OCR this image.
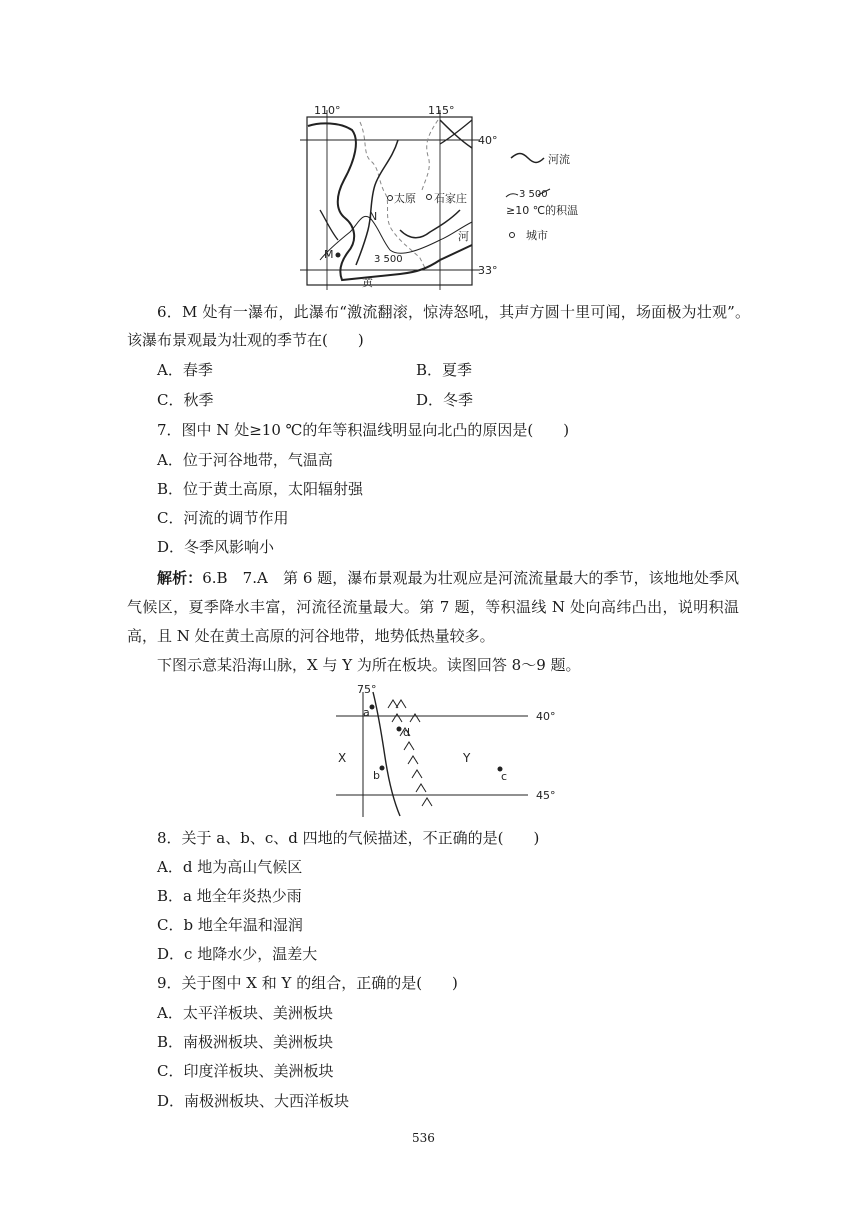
110°	115°
40°
33°
太原 石家庄
N
M	3 500
黄
河
河流
3 500
≥10 ℃的积温
城市
6．M 处有一瀑布，此瀑布“激流翻滚，惊涛怒吼，其声方圆十里可闻，场面极为壮观”。
该瀑布景观最为壮观的季节在(　　)
A．春季	B．夏季
C．秋季	D．冬季
7．图中 N 处≥10 ℃的年等积温线明显向北凸的原因是(　　)
A．位于河谷地带，气温高
B．位于黄土高原，太阳辐射强
C．河流的调节作用
D．冬季风影响小
解析：6.B　7.A　第 6 题，瀑布景观最为壮观应是河流流量最大的季节，该地地处季风气候区，夏季降水丰富，河流径流量最大。第 7 题，等积温线 N 处向高纬凸出，说明积温高，且 N 处在黄土高原的河谷地带，地势低热量较多。
下图示意某沿海山脉，X 与 Y 为所在板块。读图回答 8～9 题。
75°
40°
45°
X	Y
a
d
b	c
8．关于 a、b、c、d 四地的气候描述，不正确的是(　　)
A．d 地为高山气候区
B．a 地全年炎热少雨
C．b 地全年温和湿润
D．c 地降水少，温差大
9．关于图中 X 和 Y 的组合，正确的是(　　)
A．太平洋板块、美洲板块
B．南极洲板块、美洲板块
C．印度洋板块、美洲板块
D．南极洲板块、大西洋板块
536
